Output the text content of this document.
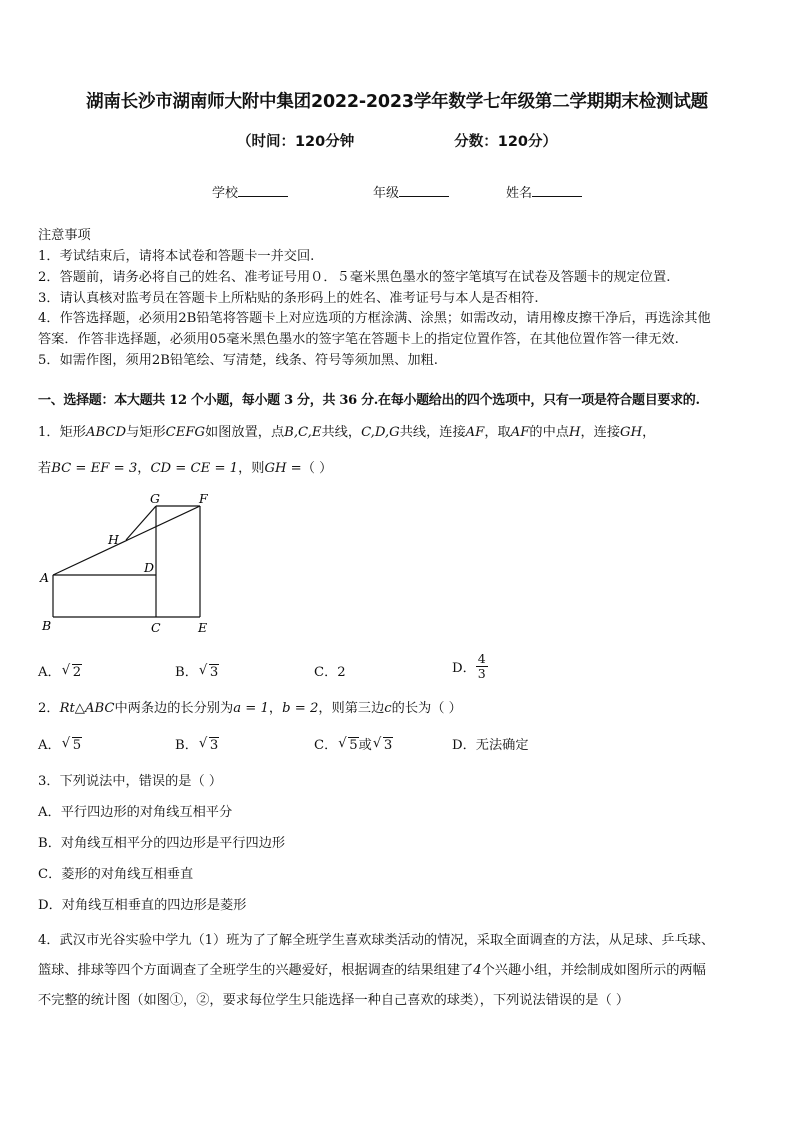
湖南长沙市湖南师大附中集团2022-2023学年数学七年级第二学期期末检测试题
（时间：120分钟	分数：120分）
学校	年级	姓名
注意事项
1．考试结束后，请将本试卷和答题卡一并交回.
2．答题前，请务必将自己的姓名、准考证号用０．５毫米黑色墨水的签字笔填写在试卷及答题卡的规定位置.
3．请认真核对监考员在答题卡上所粘贴的条形码上的姓名、准考证号与本人是否相符.
4．作答选择题，必须用2B铅笔将答题卡上对应选项的方框涂满、涂黑；如需改动，请用橡皮擦干净后，再选涂其他
答案．作答非选择题，必须用05毫米黑色墨水的签字笔在答题卡上的指定位置作答，在其他位置作答一律无效.
5．如需作图，须用2B铅笔绘、写清楚，线条、符号等须加黑、加粗.
一、选择题：本大题共 12 个小题，每小题 3 分，共 36 分.在每小题给出的四个选项中，只有一项是符合题目要求的.
1．矩形ABCD与矩形CEFG如图放置，点B,C,E共线，C,D,G共线，连接AF，取AF的中点H，连接GH，
若BC = EF = 3，CD = CE = 1，则GH =（ ）
G	F
H
A
D
B	C	E
A． √ 2	B． √ 3	C．2	D． $\frac{4}{3}$
2．Rt△ABC中两条边的长分别为a = 1，b = 2，则第三边c的长为（ ）
A． √ 5	B． √ 3	C． √ 5或 √ 3	D．无法确定
3．下列说法中，错误的是（ ）
A．平行四边形的对角线互相平分
B．对角线互相平分的四边形是平行四边形
C．菱形的对角线互相垂直
D．对角线互相垂直的四边形是菱形
4．武汉市光谷实验中学九（1）班为了了解全班学生喜欢球类活动的情况，采取全面调查的方法，从足球、乒乓球、
篮球、排球等四个方面调查了全班学生的兴趣爱好，根据调查的结果组建了4个兴趣小组，并绘制成如图所示的两幅
不完整的统计图（如图①，②，要求每位学生只能选择一种自己喜欢的球类），下列说法错误的是（ ）
